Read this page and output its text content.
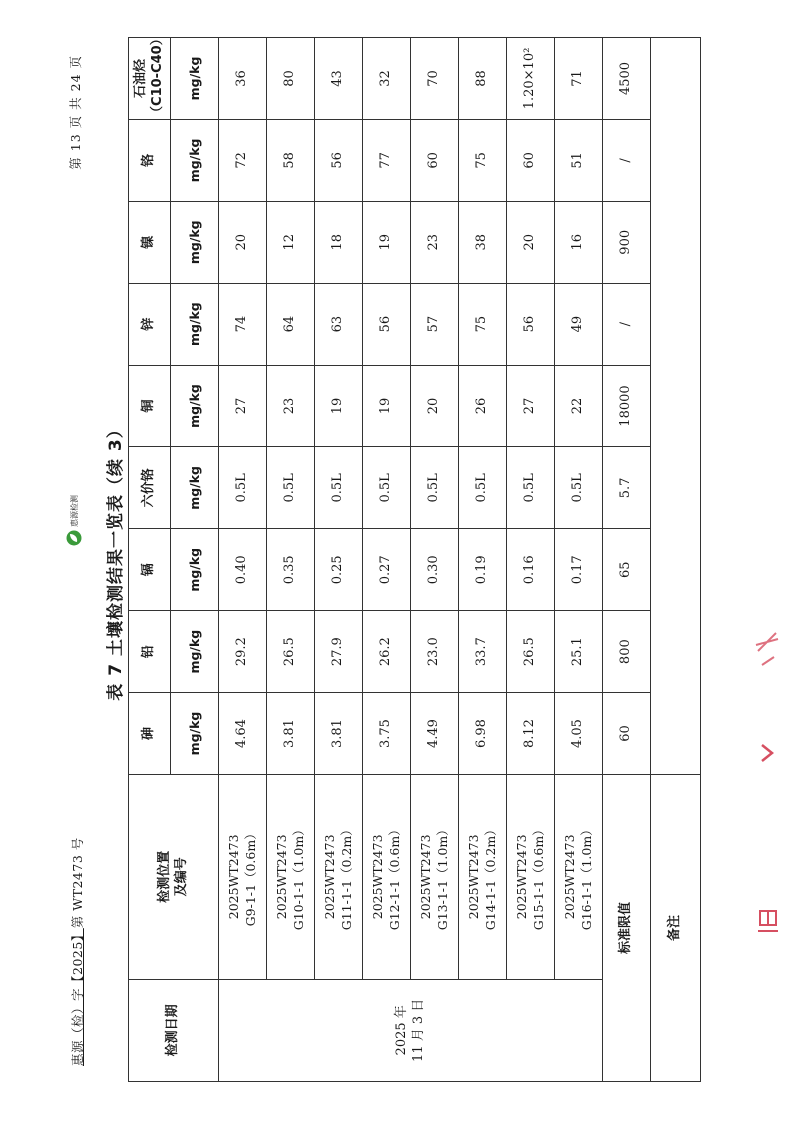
惠源（检）字【2025】第 WT2473 号
惠源检测
第 13 页 共 24 页
表 7 土壤检测结果一览表（续 3）
检测日期	检测位置
及编号	砷	铅	镉	六价铬	铜	锌	镍	铬	石油烃
（C10-C40）
		mg/kg	mg/kg	mg/kg	mg/kg	mg/kg	mg/kg	mg/kg	mg/kg	mg/kg
2025 年 11 月 3 日	2025WT2473
G9-1-1（0.6m）	4.64	29.2	0.40	0.5L	27	74	20	72	36
	2025WT2473
G10-1-1（1.0m）	3.81	26.5	0.35	0.5L	23	64	12	58	80
	2025WT2473
G11-1-1（0.2m）	3.81	27.9	0.25	0.5L	19	63	18	56	43
	2025WT2473
G12-1-1（0.6m）	3.75	26.2	0.27	0.5L	19	56	19	77	32
	2025WT2473
G13-1-1（1.0m）	4.49	23.0	0.30	0.5L	20	57	23	60	70
	2025WT2473
G14-1-1（0.2m）	6.98	33.7	0.19	0.5L	26	75	38	75	88
	2025WT2473
G15-1-1（0.6m）	8.12	26.5	0.16	0.5L	27	56	20	60	1.20×10²
	2025WT2473
G16-1-1（1.0m）	4.05	25.1	0.17	0.5L	22	49	16	51	71
标准限值		60	800	65	5.7	18000	/	900	/	4500
备注										
